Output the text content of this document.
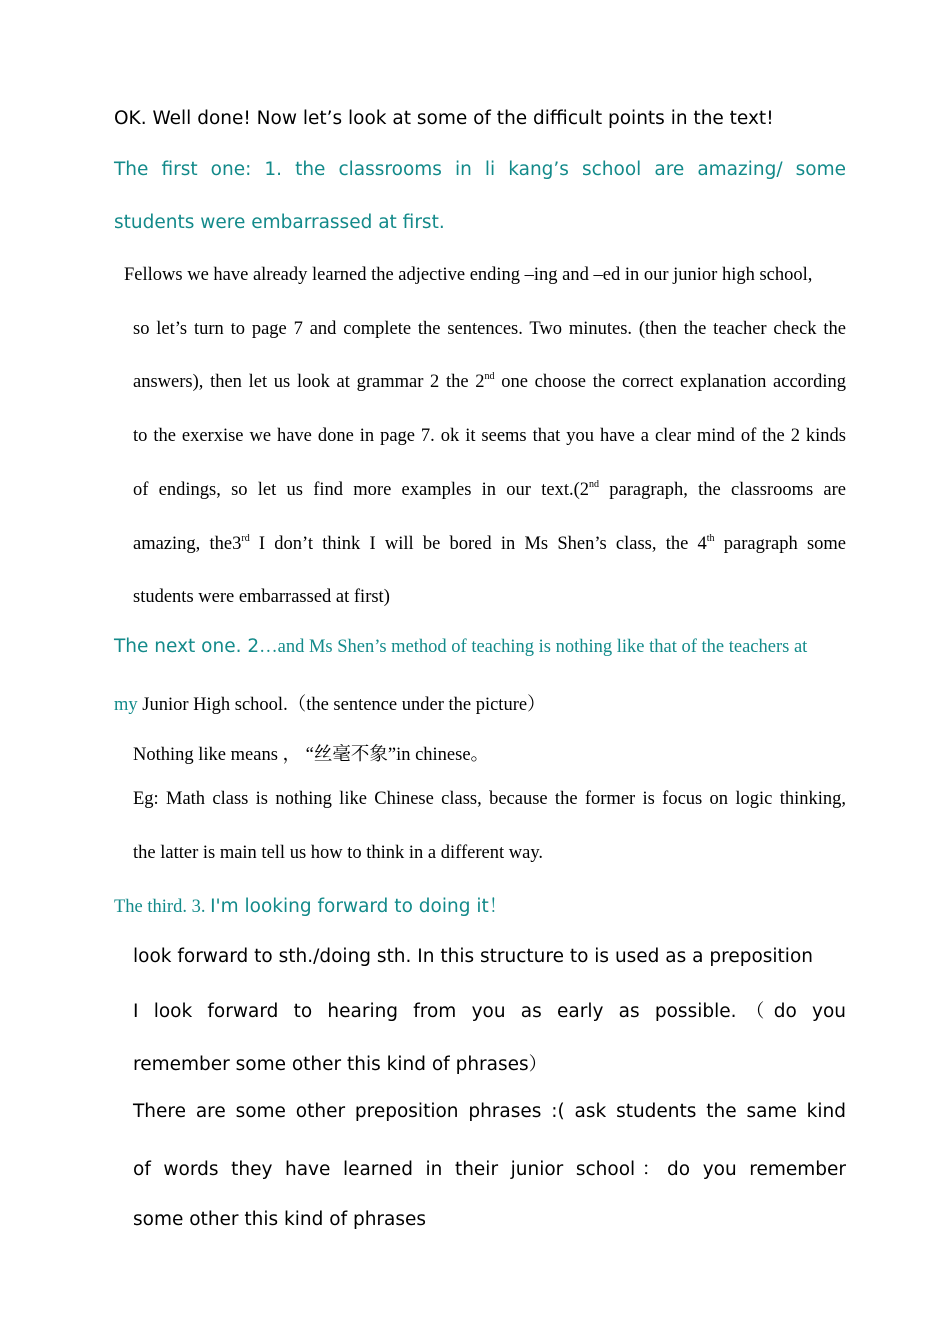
OK. Well done! Now let’s look at some of the difficult points in the text!
The first one: 1. the classrooms in li kang’s school are amazing/ some
students were embarrassed at first.
Fellows we have already learned the adjective ending –ing and –ed in our junior high school,
so let’s turn to page 7 and complete the sentences. Two minutes. (then the teacher check the
answers), then let us look at grammar 2 the 2nd one choose the correct explanation according
to the exerxise we have done in page 7. ok it seems that you have a clear mind of the 2 kinds
of endings, so let us find more examples in our text.(2nd paragraph, the classrooms are
amazing, the3rd I don’t think I will be bored in Ms Shen’s class, the 4th paragraph some
students were embarrassed at first)
The next one. 2…and Ms Shen’s method of teaching is nothing like that of the teachers at
my Junior High school.（the sentence under the picture）
Nothing like means ， “丝毫不象”in chinese。
Eg: Math class is nothing like Chinese class, because the former is focus on logic thinking,
the latter is main tell us how to think in a different way.
The third. 3. I'm looking forward to doing it！
look forward to sth./doing sth. In this structure to is used as a preposition
I look forward to hearing from you as early as possible.（do you
remember some other this kind of phrases）
There are some other preposition phrases :( ask students the same kind
of words they have learned in their junior school：do you remember
some other this kind of phrases
